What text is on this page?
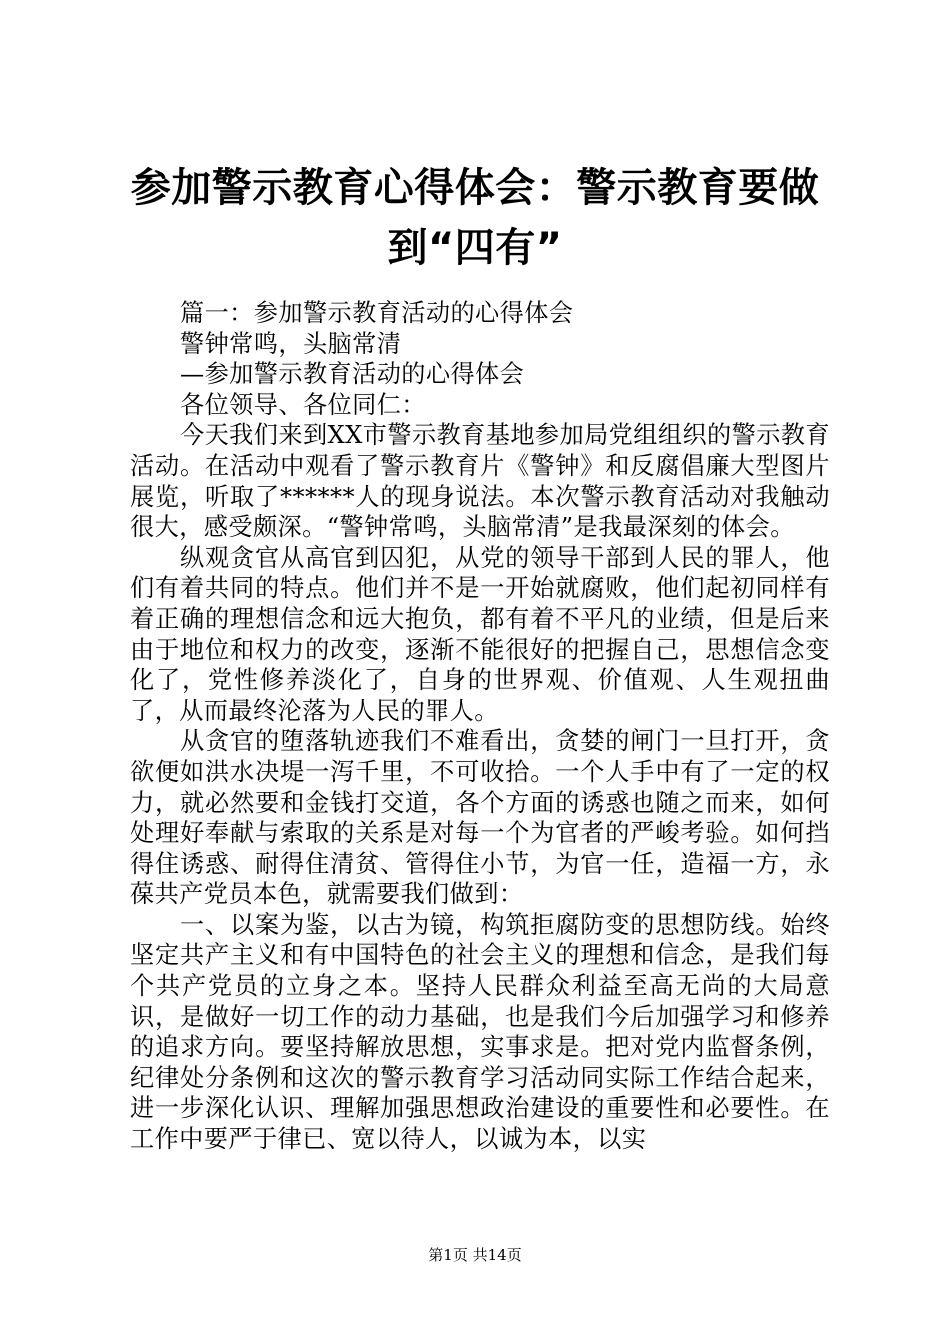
参加警示教育心得体会：警示教育要做到“四有”

篇一：参加警示教育活动的心得体会

警钟常鸣，头脑常清

—参加警示教育活动的心得体会

各位领导、各位同仁：

今天我们来到XX市警示教育基地参加局党组组织的警示教育活动。在活动中观看了警示教育片《警钟》和反腐倡廉大型图片展览，听取了******人的现身说法。本次警示教育活动对我触动很大，感受颇深。“警钟常鸣，头脑常清”是我最深刻的体会。

纵观贪官从高官到囚犯，从党的领导干部到人民的罪人，他们有着共同的特点。他们并不是一开始就腐败，他们起初同样有着正确的理想信念和远大抱负，都有着不平凡的业绩，但是后来由于地位和权力的改变，逐渐不能很好的把握自己，思想信念变化了，党性修养淡化了，自身的世界观、价值观、人生观扭曲了，从而最终沦落为人民的罪人。

从贪官的堕落轨迹我们不难看出，贪婪的闸门一旦打开，贪欲便如洪水决堤一泻千里，不可收拾。一个人手中有了一定的权力，就必然要和金钱打交道，各个方面的诱惑也随之而来，如何处理好奉献与索取的关系是对每一个为官者的严峻考验。如何挡得住诱惑、耐得住清贫、管得住小节，为官一任，造福一方，永葆共产党员本色，就需要我们做到：

一、以案为鉴，以古为镜，构筑拒腐防变的思想防线。始终坚定共产主义和有中国特色的社会主义的理想和信念，是我们每个共产党员的立身之本。坚持人民群众利益至高无尚的大局意识，是做好一切工作的动力基础，也是我们今后加强学习和修养的追求方向。要坚持解放思想，实事求是。把对党内监督条例，纪律处分条例和这次的警示教育学习活动同实际工作结合起来，进一步深化认识、理解加强思想政治建设的重要性和必要性。在工作中要严于律已、宽以待人，以诚为本，以实

第1页 共14页
